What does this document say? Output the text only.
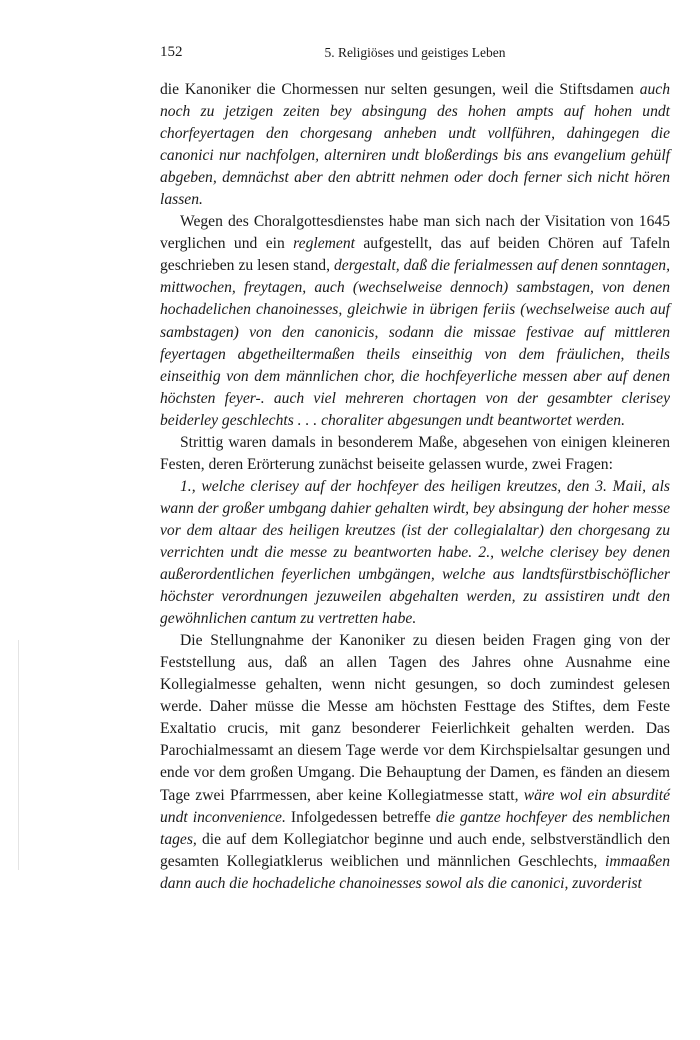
152	5. Religiöses und geistiges Leben

die Kanoniker die Chormessen nur selten gesungen, weil die Stiftsdamen auch noch zu jetzigen zeiten bey absingung des hohen ampts auf hohen undt chorfeyertagen den chorgesang anheben undt vollführen, dahingegen die canonici nur nachfolgen, alterniren undt bloßerdings bis ans evangelium gehülf abgeben, demnächst aber den abtritt nehmen oder doch ferner sich nicht hören lassen.

Wegen des Choralgottesdienstes habe man sich nach der Visitation von 1645 verglichen und ein reglement aufgestellt, das auf beiden Chören auf Tafeln geschrieben zu lesen stand, dergestalt, daß die ferialmessen auf denen sonntagen, mittwochen, freytagen, auch (wechselweise dennoch) sambstagen, von denen hochadelichen chanoinesses, gleichwie in übrigen feriis (wechselweise auch auf sambstagen) von den canonicis, sodann die missae festivae auf mittleren feyertagen abgetheiltermaßen theils einseithig von dem fräulichen, theils einseithig von dem männlichen chor, die hochfeyerliche messen aber auf denen höchsten feyer-. auch viel mehreren chortagen von der gesambter clerisey beiderley geschlechts . . . choraliter abgesungen undt beantwortet werden.

Strittig waren damals in besonderem Maße, abgesehen von einigen kleineren Festen, deren Erörterung zunächst beiseite gelassen wurde, zwei Fragen:

1., welche clerisey auf der hochfeyer des heiligen kreutzes, den 3. Maii, als wann der großer umbgang dahier gehalten wirdt, bey absingung der hoher messe vor dem altaar des heiligen kreutzes (ist der collegialaltar) den chorgesang zu verrichten undt die messe zu beantworten habe. 2., welche clerisey bey denen außerordentlichen feyerlichen umbgängen, welche aus landtsfürstbischöflicher höchster verordnungen jezuweilen abgehalten werden, zu assistiren undt den gewöhnlichen cantum zu vertretten habe.

Die Stellungnahme der Kanoniker zu diesen beiden Fragen ging von der Feststellung aus, daß an allen Tagen des Jahres ohne Ausnahme eine Kollegialmesse gehalten, wenn nicht gesungen, so doch zumindest gelesen werde. Daher müsse die Messe am höchsten Festtage des Stiftes, dem Feste Exaltatio crucis, mit ganz besonderer Feierlichkeit gehalten werden. Das Parochialmessamt an diesem Tage werde vor dem Kirchspielsaltar gesungen und ende vor dem großen Umgang. Die Behauptung der Damen, es fänden an diesem Tage zwei Pfarrmessen, aber keine Kollegiatmesse statt, wäre wol ein absurdité undt inconvenience. Infolgedessen betreffe die gantze hochfeyer des nemblichen tages, die auf dem Kollegiatchor beginne und auch ende, selbstverständlich den gesamten Kollegiatklerus weiblichen und männlichen Geschlechts, immaaßen dann auch die hochadeliche chanoinesses sowol als die canonici, zuvorderist
